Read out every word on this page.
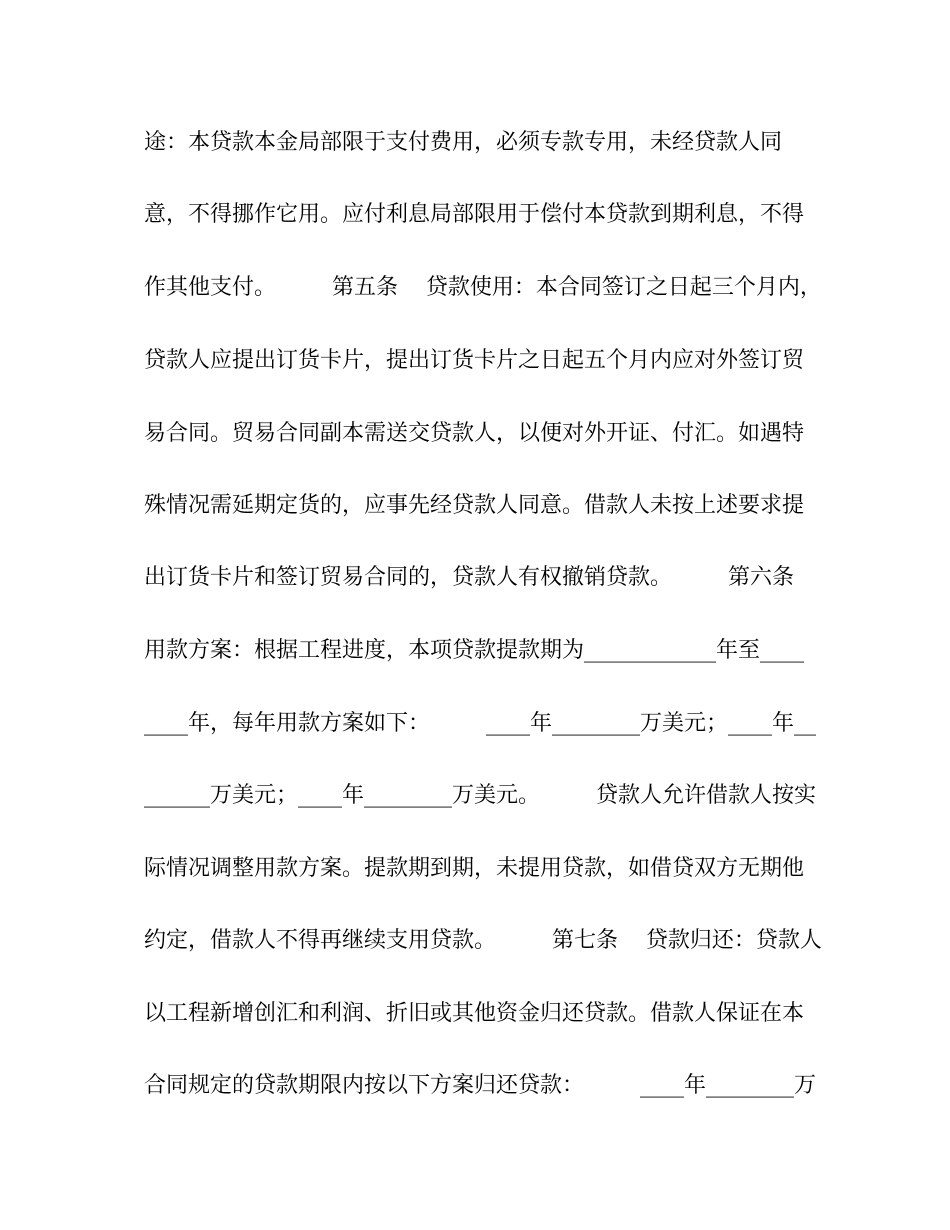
途：本贷款本金局部限于支付费用，必须专款专用，未经贷款人同
意，不得挪作它用。应付利息局部限用于偿付本贷款到期利息，不得
作其他支付。        第五条    贷款使用：本合同签订之日起三个月内，
贷款人应提出订货卡片，提出订货卡片之日起五个月内应对外签订贸
易合同。贸易合同副本需送交贷款人，以便对外开证、付汇。如遇特
殊情况需延期定货的，应事先经贷款人同意。借款人未按上述要求提
出订货卡片和签订贸易合同的，贷款人有权撤销贷款。        第六条
用款方案：根据工程进度，本项贷款提款期为____________年至____
____年，每年用款方案如下：        ____年________万美元；____年__
______万美元；____年________万美元。        贷款人允许借款人按实
际情况调整用款方案。提款期到期，未提用贷款，如借贷双方无期他
约定，借款人不得再继续支用贷款。        第七条    贷款归还：贷款人
以工程新增创汇和利润、折旧或其他资金归还贷款。借款人保证在本
合同规定的贷款期限内按以下方案归还贷款：        ____年________万
